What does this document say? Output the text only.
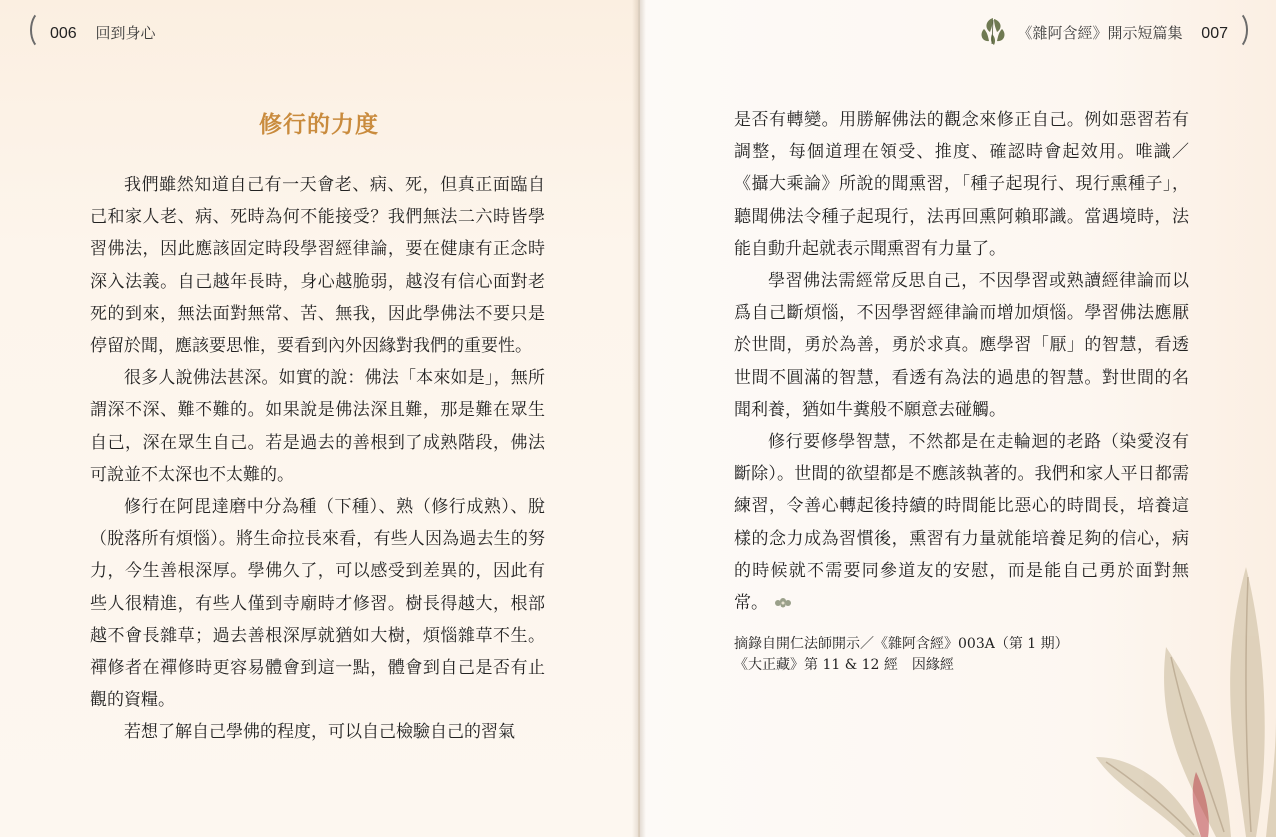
006 回到身心
修行的力度

我們雖然知道自己有一天會老、病、死，但真正面臨自己和家人老、病、死時為何不能接受？我們無法二六時皆學習佛法，因此應該固定時段學習經律論，要在健康有正念時深入法義。自己越年長時，身心越脆弱，越沒有信心面對老死的到來，無法面對無常、苦、無我，因此學佛法不要只是停留於聞，應該要思惟，要看到內外因緣對我們的重要性。

很多人說佛法甚深。如實的說：佛法「本來如是」，無所謂深不深、難不難的。如果說是佛法深且難，那是難在眾生自己，深在眾生自己。若是過去的善根到了成熟階段，佛法可說並不太深也不太難的。

修行在阿毘達磨中分為種（下種）、熟（修行成熟）、脫（脫落所有煩惱）。將生命拉長來看，有些人因為過去生的努力，今生善根深厚。學佛久了，可以感受到差異的，因此有些人很精進，有些人僅到寺廟時才修習。樹長得越大，根部越不會長雜草；過去善根深厚就猶如大樹，煩惱雜草不生。禪修者在禪修時更容易體會到這一點，體會到自己是否有止觀的資糧。

若想了解自己學佛的程度，可以自己檢驗自己的習氣

《雜阿含經》開示短篇集 007

是否有轉變。用勝解佛法的觀念來修正自己。例如惡習若有調整，每個道理在領受、推度、確認時會起效用。唯識／《攝大乘論》所說的聞熏習，「種子起現行、現行熏種子」，聽聞佛法令種子起現行，法再回熏阿賴耶識。當遇境時，法能自動升起就表示聞熏習有力量了。

學習佛法需經常反思自己，不因學習或熟讀經律論而以爲自己斷煩惱，不因學習經律論而增加煩惱。學習佛法應厭於世間，勇於為善，勇於求真。應學習「厭」的智慧，看透世間不圓滿的智慧，看透有為法的過患的智慧。對世間的名聞利養，猶如牛糞般不願意去碰觸。

修行要修學智慧，不然都是在走輪迴的老路（染愛沒有斷除）。世間的欲望都是不應該執著的。我們和家人平日都需練習，令善心轉起後持續的時間能比惡心的時間長，培養這樣的念力成為習慣後，熏習有力量就能培養足夠的信心，病的時候就不需要同參道友的安慰，而是能自己勇於面對無常。

摘錄自開仁法師開示／《雜阿含經》003A（第 1 期）
《大正藏》第 11 & 12 經　因緣經
